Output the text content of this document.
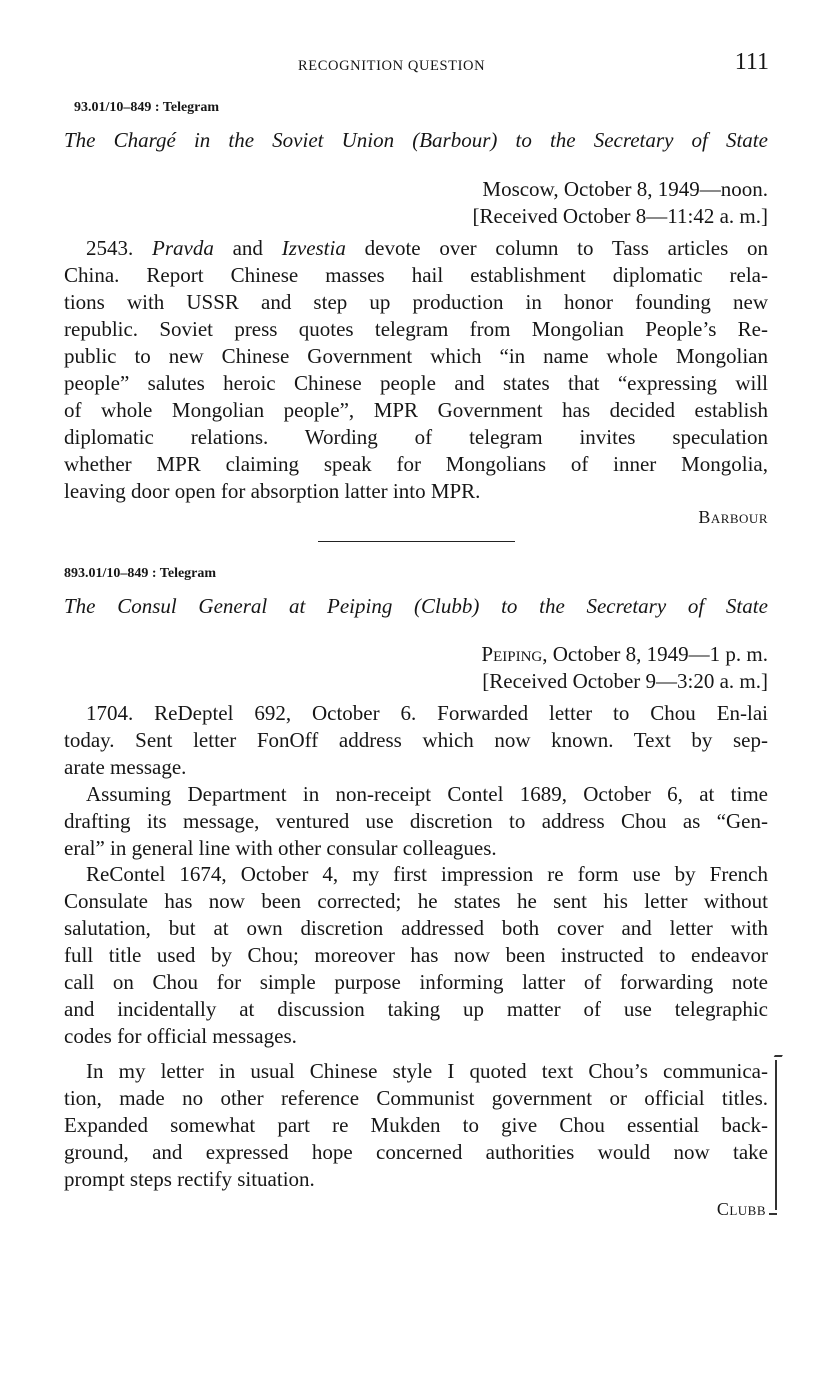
RECOGNITION QUESTION	111
93.01/10–849 : Telegram
The Chargé in the Soviet Union (Barbour) to the Secretary of State
Moscow, October 8, 1949—noon.
[Received October 8—11:42 a. m.]
2543. Pravda and Izvestia devote over column to Tass articles on
China. Report Chinese masses hail establishment diplomatic rela-
tions with USSR and step up production in honor founding new
republic. Soviet press quotes telegram from Mongolian People’s Re-
public to new Chinese Government which “in name whole Mongolian
people” salutes heroic Chinese people and states that “expressing will
of whole Mongolian people”, MPR Government has decided establish
diplomatic relations. Wording of telegram invites speculation
whether MPR claiming speak for Mongolians of inner Mongolia,
leaving door open for absorption latter into MPR.
Barbour
893.01/10–849 : Telegram
The Consul General at Peiping (Clubb) to the Secretary of State
Peiping, October 8, 1949—1 p. m.
[Received October 9—3:20 a. m.]
1704. ReDeptel 692, October 6. Forwarded letter to Chou En-lai
today. Sent letter FonOff address which now known. Text by sep-
arate message.
Assuming Department in non-receipt Contel 1689, October 6, at time
drafting its message, ventured use discretion to address Chou as “Gen-
eral” in general line with other consular colleagues.
ReContel 1674, October 4, my first impression re form use by French
Consulate has now been corrected; he states he sent his letter without
salutation, but at own discretion addressed both cover and letter with
full title used by Chou; moreover has now been instructed to endeavor
call on Chou for simple purpose informing latter of forwarding note
and incidentally at discussion taking up matter of use telegraphic
codes for official messages.
In my letter in usual Chinese style I quoted text Chou’s communica-
tion, made no other reference Communist government or official titles.
Expanded somewhat part re Mukden to give Chou essential back-
ground, and expressed hope concerned authorities would now take
prompt steps rectify situation.
Clubb
